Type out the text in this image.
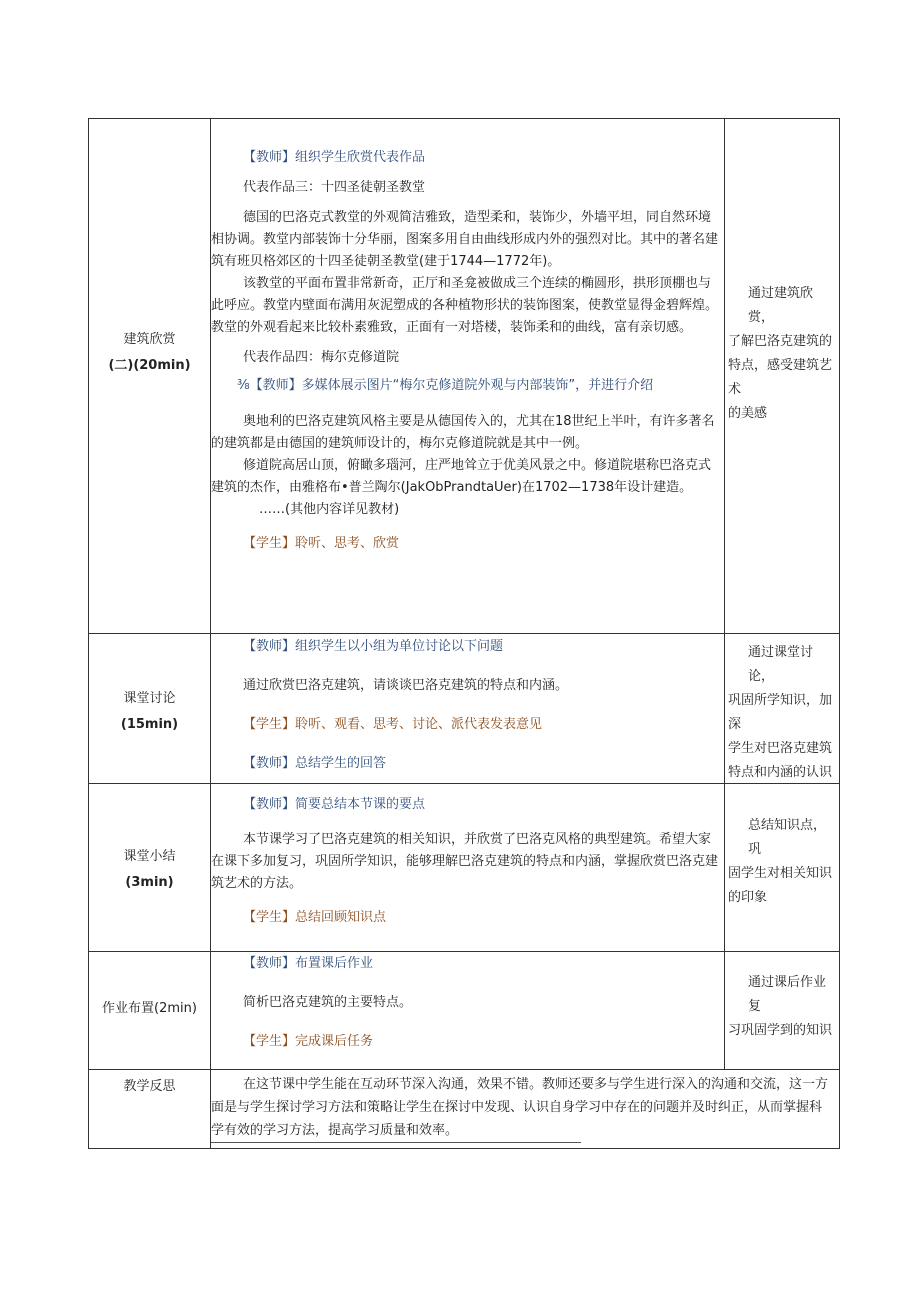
建筑欣赏
(二)(20min)
【教师】组织学生欣赏代表作品
代表作品三：十四圣徒朝圣教堂
德国的巴洛克式教堂的外观简洁雅致，造型柔和，装饰少，外墙平坦，同自然环境
相协调。教堂内部装饰十分华丽，图案多用自由曲线形成内外的强烈对比。其中的著名建
筑有班贝格郊区的十四圣徒朝圣教堂(建于1744—1772年)。
该教堂的平面布置非常新奇，正厅和圣龛被做成三个连续的椭圆形，拱形顶棚也与
此呼应。教堂内壁面布满用灰泥塑成的各种植物形状的装饰图案，使教堂显得金碧辉煌。
教堂的外观看起来比较朴素雅致，正面有一对塔楼，装饰柔和的曲线，富有亲切感。
代表作品四：梅尔克修道院
⅜【教师】多媒体展示图片“梅尔克修道院外观与内部装饰”，并进行介绍
奥地利的巴洛克建筑风格主要是从德国传入的，尤其在18世纪上半叶，有许多著名
的建筑都是由德国的建筑师设计的，梅尔克修道院就是其中一例。
修道院高居山顶，俯瞰多瑙河，庄严地耸立于优美风景之中。修道院堪称巴洛克式
建筑的杰作，由雅格布•普兰陶尔(JakObPrandtaUer)在1702—1738年设计建造。
……(其他内容详见教材)
【学生】聆听、思考、欣赏
通过建筑欣赏，
了解巴洛克建筑的
特点，感受建筑艺术
的美感
课堂讨论
(15min)
【教师】组织学生以小组为单位讨论以下问题
通过欣赏巴洛克建筑，请谈谈巴洛克建筑的特点和内涵。
【学生】聆听、观看、思考、讨论、派代表发表意见
【教师】总结学生的回答
通过课堂讨论，
巩固所学知识，加深
学生对巴洛克建筑
特点和内涵的认识
课堂小结
(3min)
【教师】简要总结本节课的要点
本节课学习了巴洛克建筑的相关知识，并欣赏了巴洛克风格的典型建筑。希望大家
在课下多加复习，巩固所学知识，能够理解巴洛克建筑的特点和内涵，掌握欣赏巴洛克建
筑艺术的方法。
【学生】总结回顾知识点
总结知识点，巩
固学生对相关知识
的印象
作业布置(2min)
【教师】布置课后作业
简析巴洛克建筑的主要特点。
【学生】完成课后任务
通过课后作业复
习巩固学到的知识
教学反思	在这节课中学生能在互动环节深入沟通，效果不错。教师还要多与学生进行深入的沟通和交流，这一方
面是与学生探讨学习方法和策略让学生在探讨中发现、认识自身学习中存在的问题并及时纠正，从而掌握科
学有效的学习方法，提高学习质量和效率。
